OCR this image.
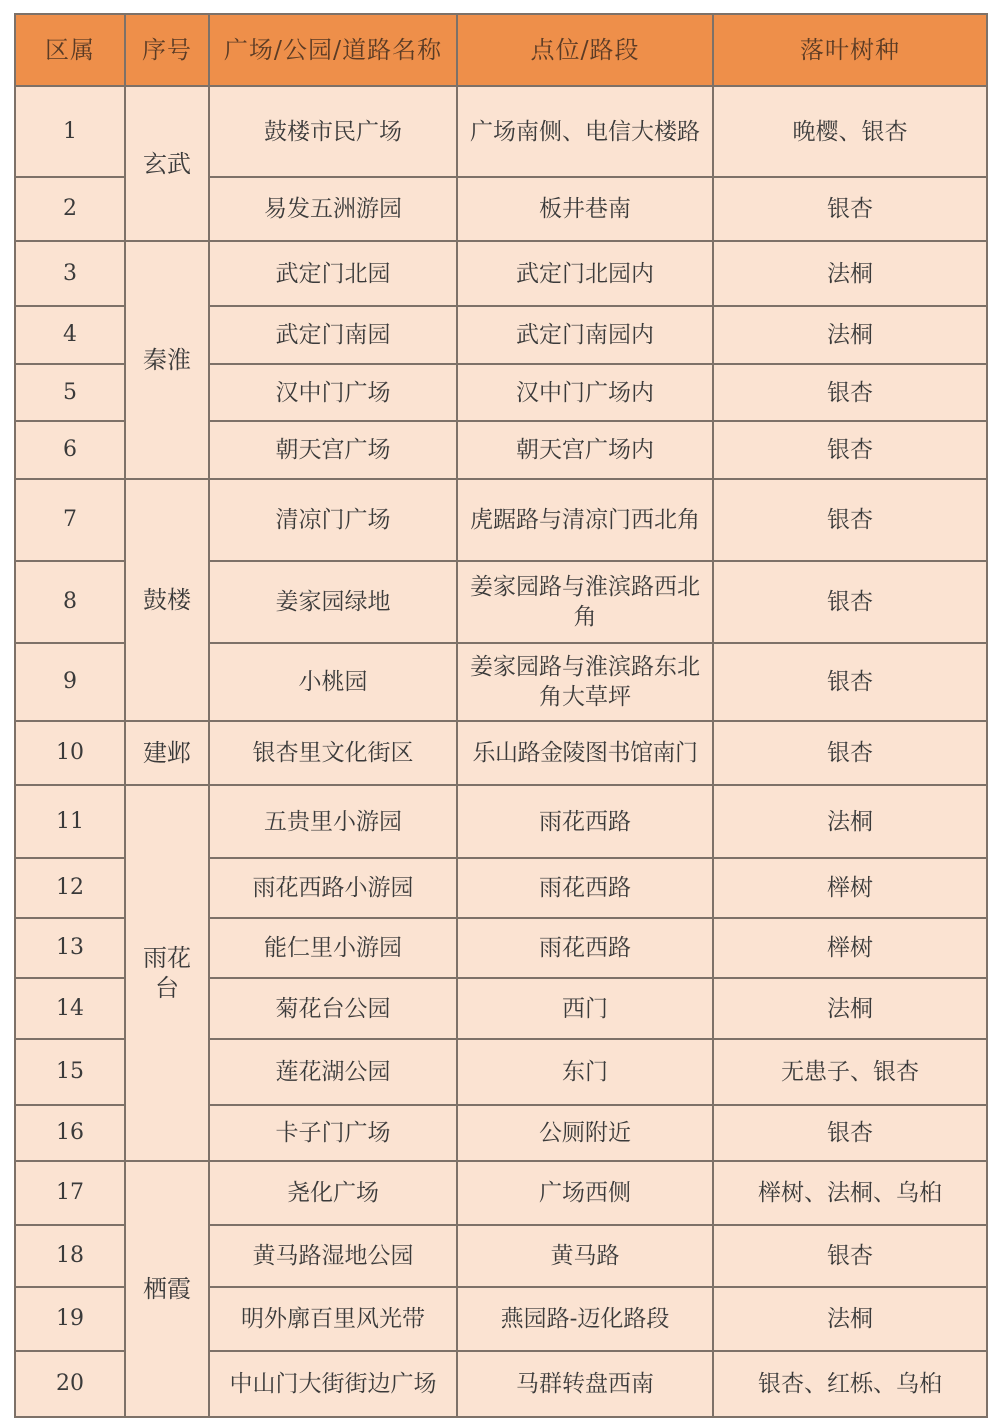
区属	序号	广场/公园/道路名称	点位/路段	落叶树种
1	玄武	鼓楼市民广场	广场南侧、电信大楼路	晚樱、银杏
2		易发五洲游园	板井巷南	银杏
3	秦淮	武定门北园	武定门北园内	法桐
4		武定门南园	武定门南园内	法桐
5		汉中门广场	汉中门广场内	银杏
6		朝天宫广场	朝天宫广场内	银杏
7	鼓楼	清凉门广场	虎踞路与清凉门西北角	银杏
8		姜家园绿地	姜家园路与淮滨路西北角	银杏
9		小桃园	姜家园路与淮滨路东北角大草坪	银杏
10	建邺	银杏里文化街区	乐山路金陵图书馆南门	银杏
11	雨花台	五贵里小游园	雨花西路	法桐
12		雨花西路小游园	雨花西路	榉树
13		能仁里小游园	雨花西路	榉树
14		菊花台公园	西门	法桐
15		莲花湖公园	东门	无患子、银杏
16		卡子门广场	公厕附近	银杏
17	栖霞	尧化广场	广场西侧	榉树、法桐、乌桕
18		黄马路湿地公园	黄马路	银杏
19		明外廓百里风光带	燕园路-迈化路段	法桐
20		中山门大街街边广场	马群转盘西南	银杏、红栎、乌桕
